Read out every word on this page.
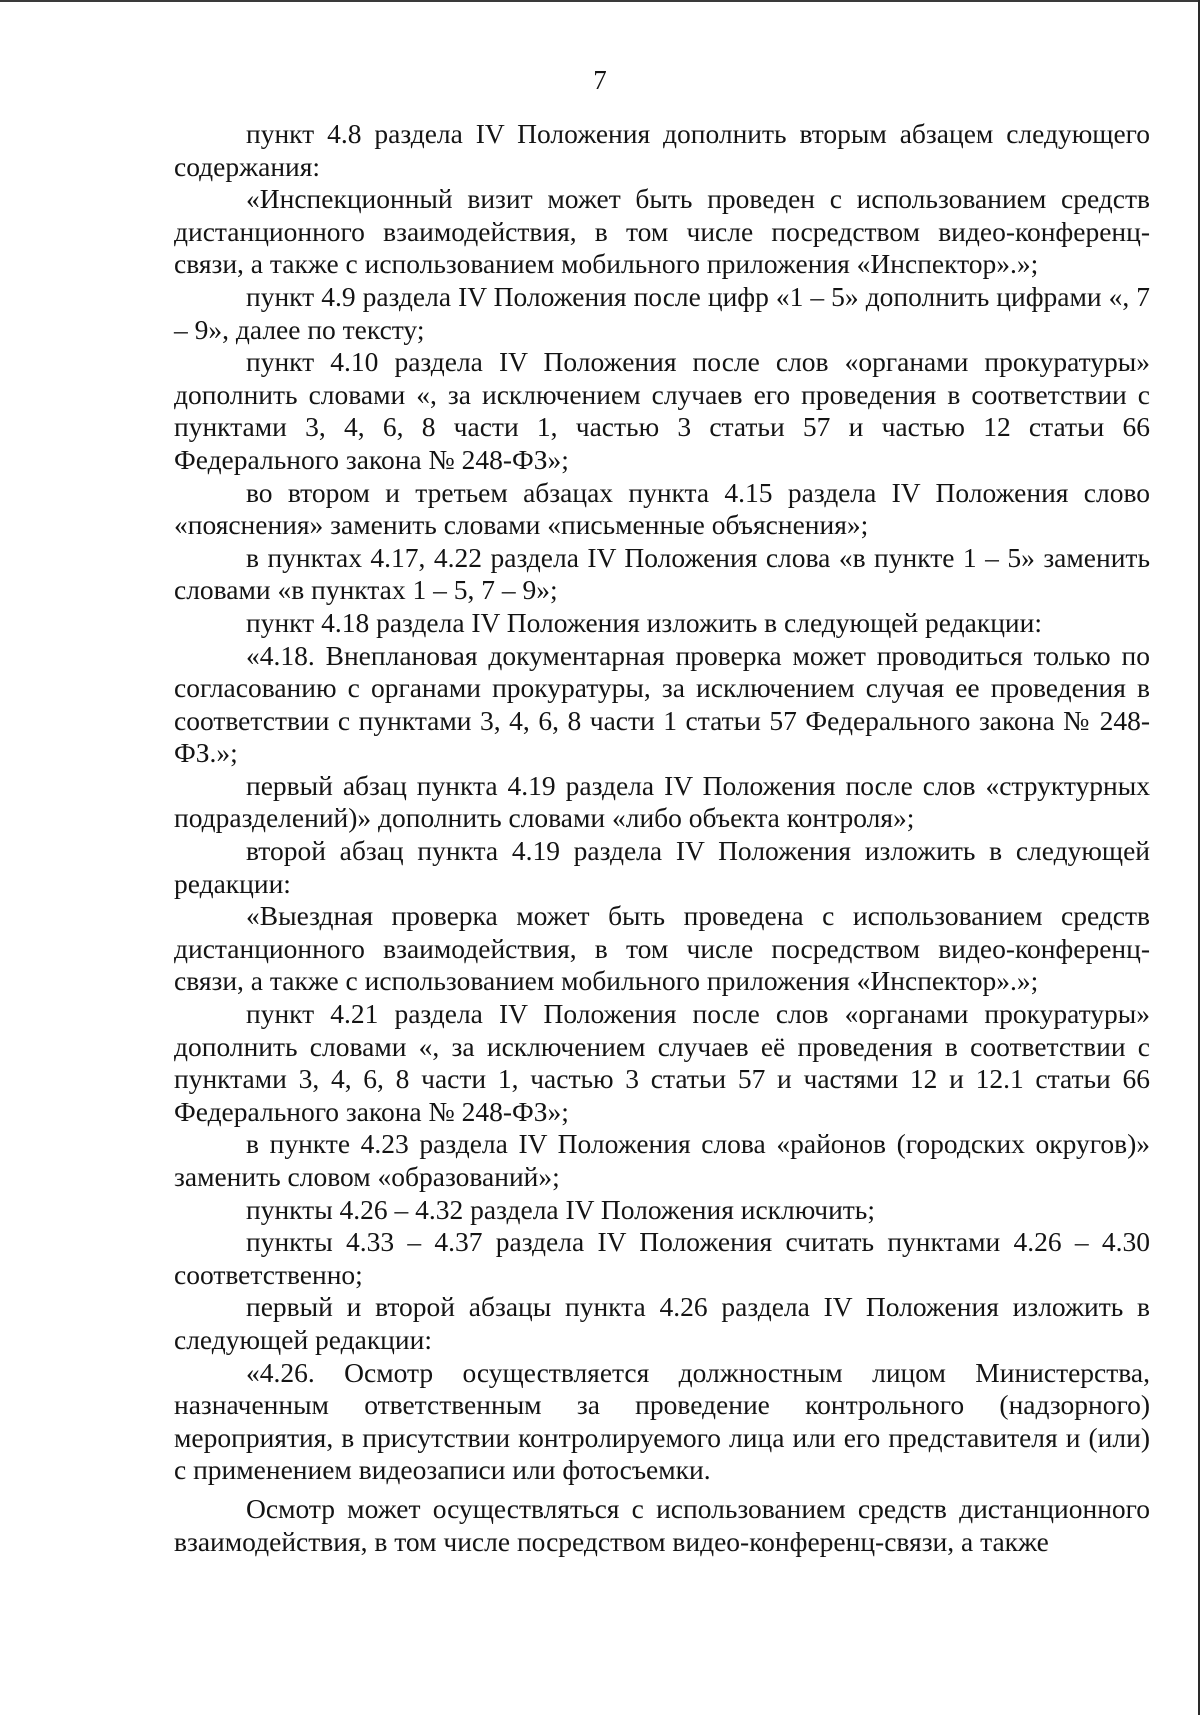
7

пункт 4.8 раздела IV Положения дополнить вторым абзацем следующего содержания:

«Инспекционный визит может быть проведен с использованием средств дистанционного взаимодействия, в том числе посредством видео-конференц-связи, а также с использованием мобильного приложения «Инспектор».»;

пункт 4.9 раздела IV Положения после цифр «1 – 5» дополнить цифрами «, 7 – 9», далее по тексту;

пункт 4.10 раздела IV Положения после слов «органами прокуратуры» дополнить словами «, за исключением случаев его проведения в соответствии с пунктами 3, 4, 6, 8 части 1, частью 3 статьи 57 и частью 12 статьи 66 Федерального закона № 248-ФЗ»;

во втором и третьем абзацах пункта 4.15 раздела IV Положения слово «пояснения» заменить словами «письменные объяснения»;

в пунктах 4.17, 4.22 раздела IV Положения слова «в пункте 1 – 5» заменить словами «в пунктах 1 – 5, 7 – 9»;

пункт 4.18 раздела IV Положения изложить в следующей редакции:

«4.18. Внеплановая документарная проверка может проводиться только по согласованию с органами прокуратуры, за исключением случая ее проведения в соответствии с пунктами 3, 4, 6, 8 части 1 статьи 57 Федерального закона № 248-ФЗ.»;

первый абзац пункта 4.19 раздела IV Положения после слов «структурных подразделений)» дополнить словами «либо объекта контроля»;

второй абзац пункта 4.19 раздела IV Положения изложить в следующей редакции:

«Выездная проверка может быть проведена с использованием средств дистанционного взаимодействия, в том числе посредством видео-конференц-связи, а также с использованием мобильного приложения «Инспектор».»;

пункт 4.21 раздела IV Положения после слов «органами прокуратуры» дополнить словами «, за исключением случаев её проведения в соответствии с пунктами 3, 4, 6, 8 части 1, частью 3 статьи 57 и частями 12 и 12.1 статьи 66 Федерального закона № 248-ФЗ»;

в пункте 4.23 раздела IV Положения слова «районов (городских округов)» заменить словом «образований»;

пункты 4.26 – 4.32 раздела IV Положения исключить;

пункты 4.33 – 4.37 раздела IV Положения считать пунктами 4.26 – 4.30 соответственно;

первый и второй абзацы пункта 4.26 раздела IV Положения изложить в следующей редакции:

«4.26. Осмотр осуществляется должностным лицом Министерства, назначенным ответственным за проведение контрольного (надзорного) мероприятия, в присутствии контролируемого лица или его представителя и (или) с применением видеозаписи или фотосъемки.

Осмотр может осуществляться с использованием средств дистанционного взаимодействия, в том числе посредством видео-конференц-связи, а также
